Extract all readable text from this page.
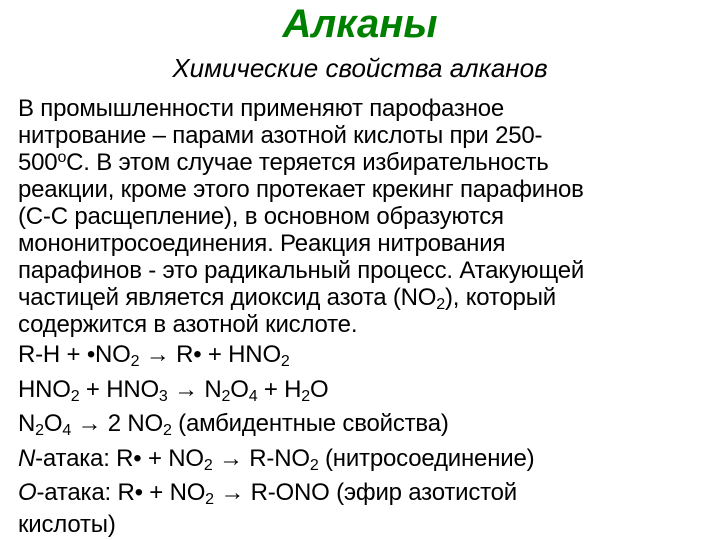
Алканы
Химические свойства алканов
В промышленности применяют парофазное
нитрование – парами азотной кислоты при 250-
500$^o$С. В этом случае теряется избирательность
реакции, кроме этого протекает крекинг парафинов
(С-С расщепление), в основном образуются
мононитросоединения. Реакция нитрования
парафинов - это радикальный процесс. Атакующей
частицей является диоксид азота $(NO_2)$, который
содержится в азотной кислоте.
$R-H + •NO_2$ → R• + $HNO_2$
$HNO_2 + HNO_3 \to N_2O_4 + H_2O$
$N_2O_4 \to 2$ $NO_2$ (амбидентные свойства)
N-атака: R• + $NO_2 \to R-NO_2$ (нитросоединение)
O-атака: R• + $NO_2 \to R-ONO$ (эфир азотистой
кислоты)
